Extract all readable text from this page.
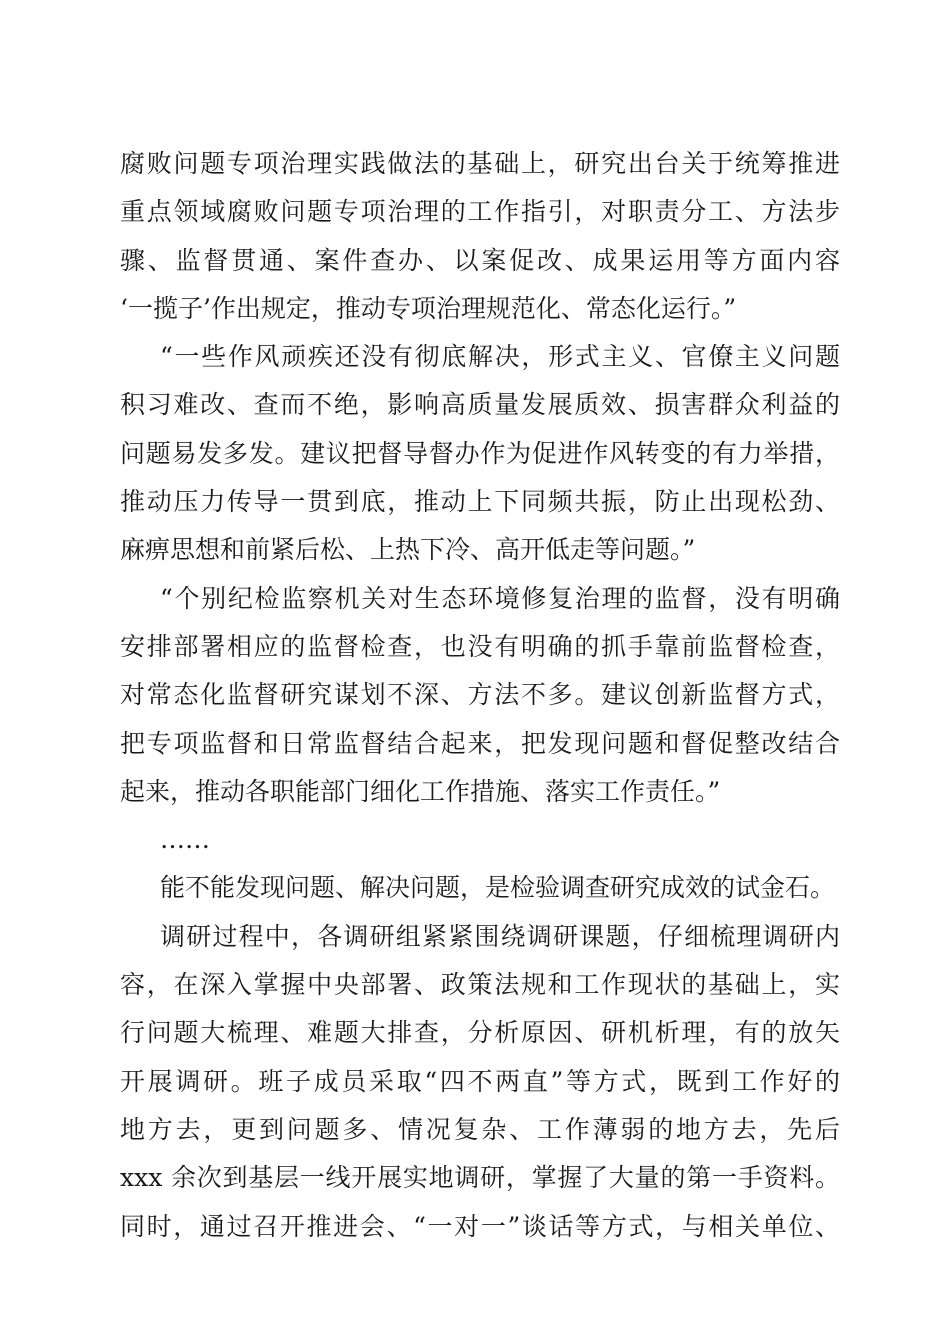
腐败问题专项治理实践做法的基础上，研究出台关于统筹推进
重点领域腐败问题专项治理的工作指引，对职责分工、方法步
骤、监督贯通、案件查办、以案促改、成果运用等方面内容
‘一揽子’作出规定，推动专项治理规范化、常态化运行。”
“一些作风顽疾还没有彻底解决，形式主义、官僚主义问题
积习难改、查而不绝，影响高质量发展质效、损害群众利益的
问题易发多发。建议把督导督办作为促进作风转变的有力举措，
推动压力传导一贯到底，推动上下同频共振，防止出现松劲、
麻痹思想和前紧后松、上热下冷、高开低走等问题。”
“个别纪检监察机关对生态环境修复治理的监督，没有明确
安排部署相应的监督检查，也没有明确的抓手靠前监督检查，
对常态化监督研究谋划不深、方法不多。建议创新监督方式，
把专项监督和日常监督结合起来，把发现问题和督促整改结合
起来，推动各职能部门细化工作措施、落实工作责任。”
……
能不能发现问题、解决问题，是检验调查研究成效的试金石。
调研过程中，各调研组紧紧围绕调研课题，仔细梳理调研内
容，在深入掌握中央部署、政策法规和工作现状的基础上，实
行问题大梳理、难题大排查，分析原因、研机析理，有的放矢
开展调研。班子成员采取“四不两直”等方式，既到工作好的
地方去，更到问题多、情况复杂、工作薄弱的地方去，先后
xxx 余次到基层一线开展实地调研，掌握了大量的第一手资料。
同时，通过召开推进会、“一对一”谈话等方式，与相关单位、
